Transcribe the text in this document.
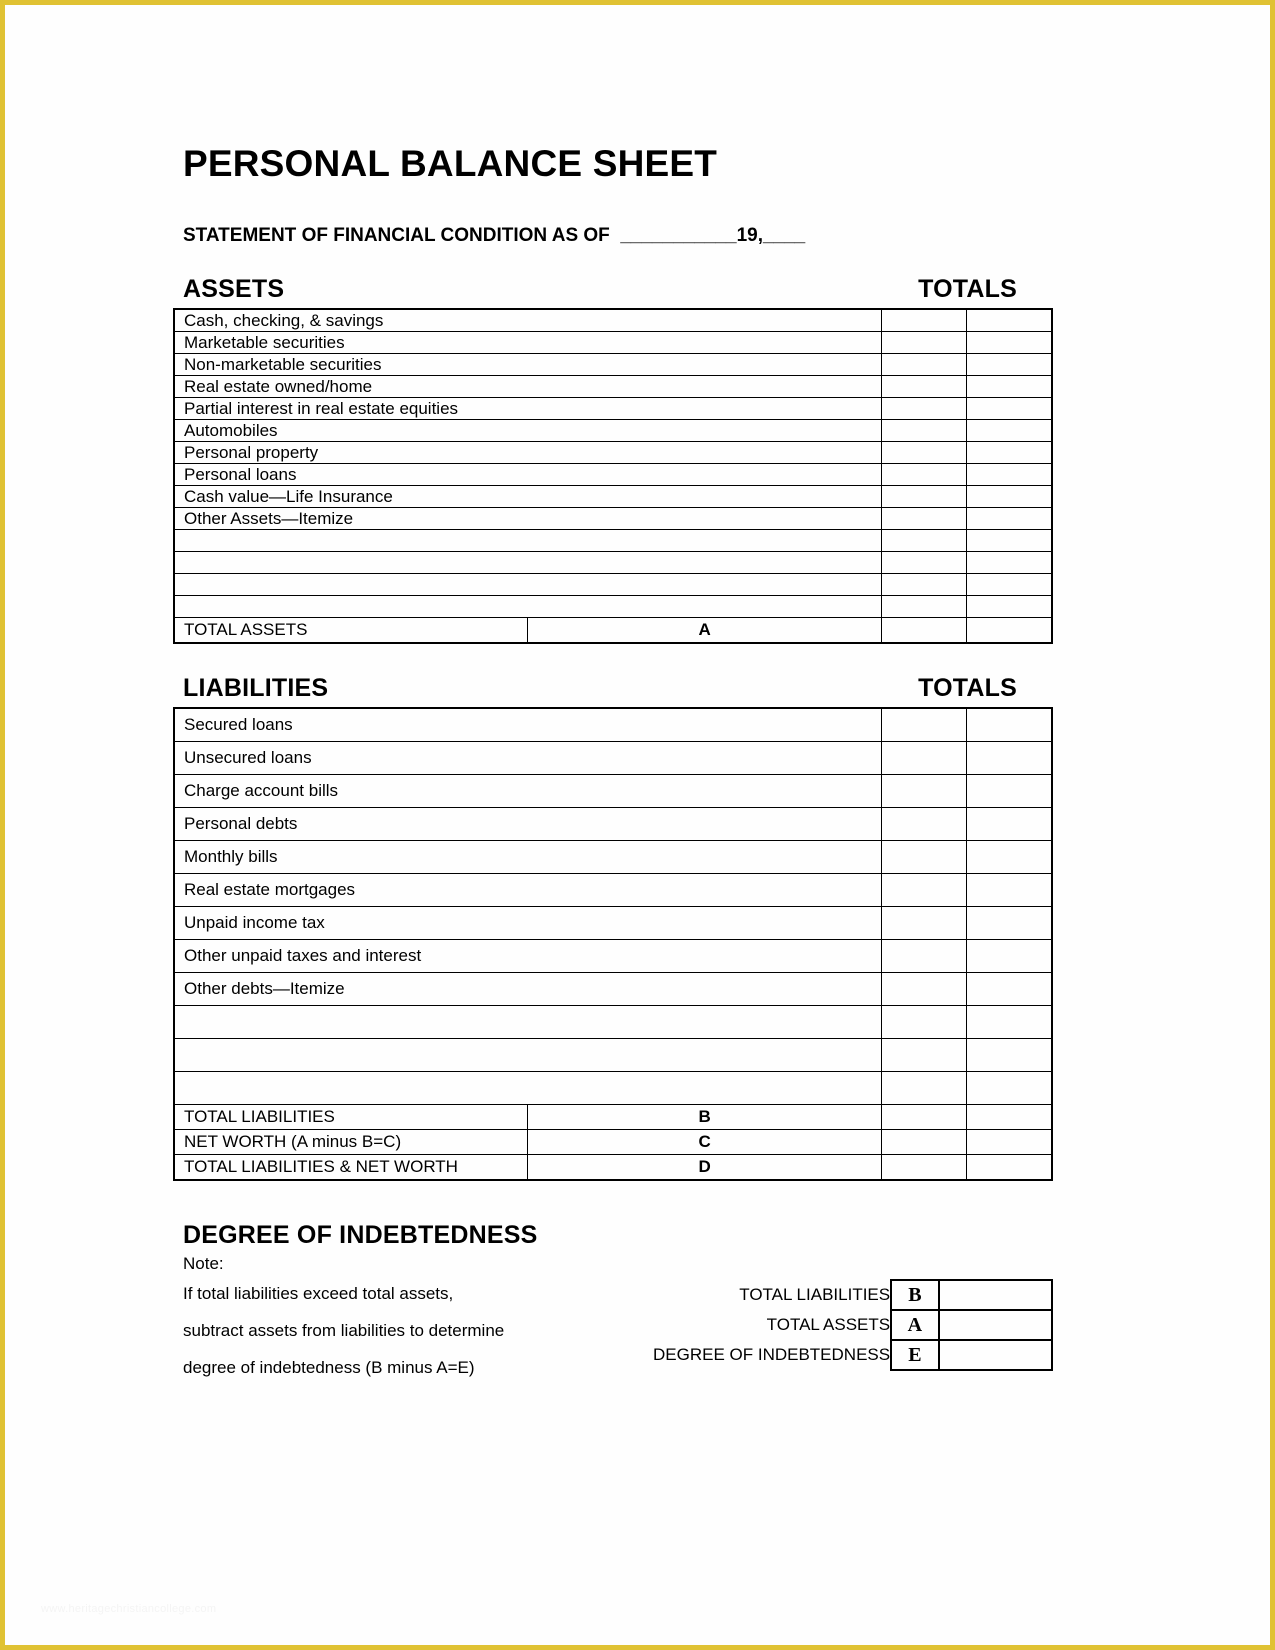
PERSONAL BALANCE SHEET
STATEMENT OF FINANCIAL CONDITION AS OF  ___________19,____
ASSETS	TOTALS
Cash, checking, & savings			
Marketable securities			
Non-marketable securities			
Real estate owned/home			
Partial interest in real estate equities			
Automobiles			
Personal property			
Personal loans			
Cash value—Life Insurance			
Other Assets—Itemize			

TOTAL ASSETS	A		
LIABILITIES	TOTALS
Secured loans			
Unsecured loans			
Charge account bills			
Personal debts			
Monthly bills			
Real estate mortgages			
Unpaid income tax			
Other unpaid taxes and interest			
Other debts—Itemize			

TOTAL LIABILITIES	B		
NET WORTH (A minus B=C)	C		
TOTAL LIABILITIES & NET WORTH	D		
DEGREE OF INDEBTEDNESS
Note:
If total liabilities exceed total assets,
subtract assets from liabilities to determine
degree of indebtedness (B minus A=E)
TOTAL LIABILITIES	B	
TOTAL ASSETS	A	
DEGREE OF INDEBTEDNESS	E	
www.heritagechristiancollege.com
